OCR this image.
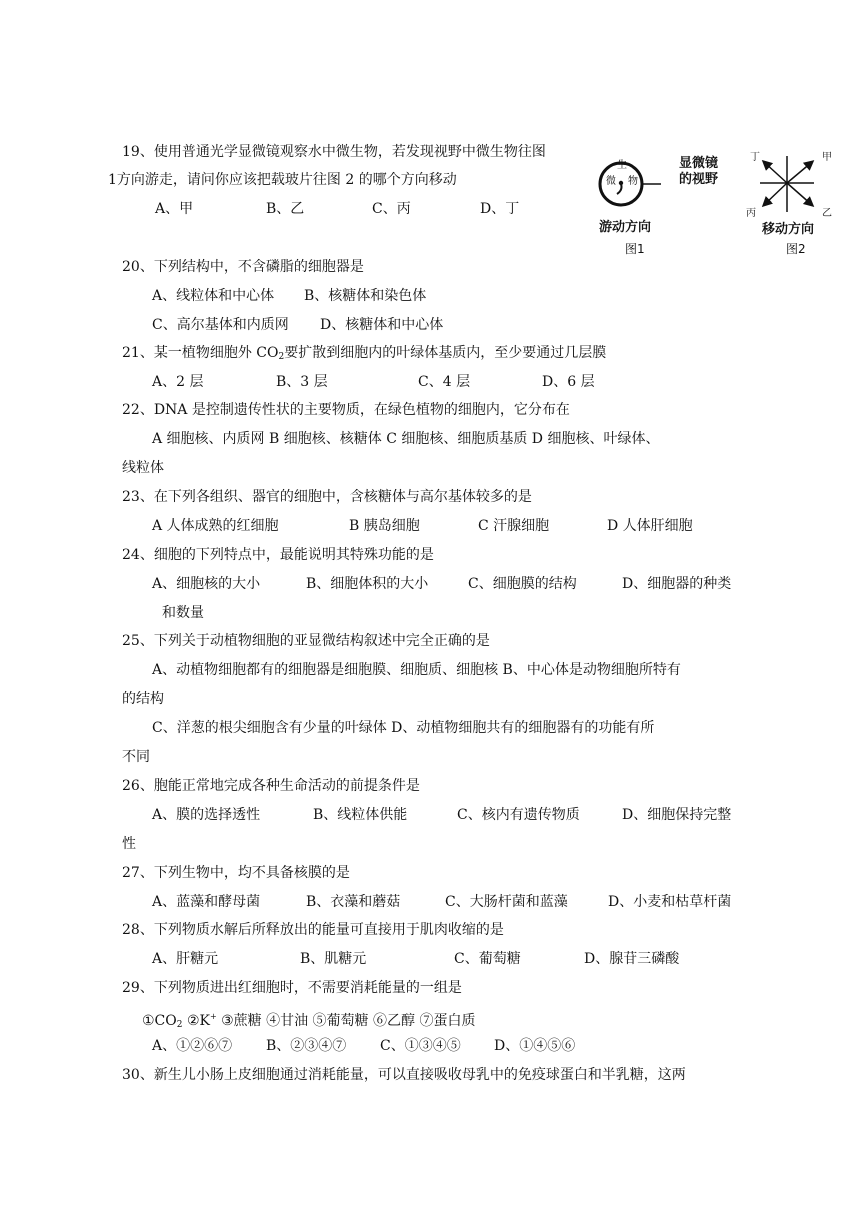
19、使用普通光学显微镜观察水中微生物，若发现视野中微生物往图
1方向游走，请问你应该把载玻片往图 2 的哪个方向移动
A、甲	B、乙	C、丙	D、丁
生
微 物
显微镜
的视野
游动方向
图1
丁	甲
丙	乙
移动方向
图2
20、下列结构中，不含磷脂的细胞器是
A、线粒体和中心体 B、核糖体和染色体
C、高尔基体和内质网 D、核糖体和中心体
21、某一植物细胞外 $CO_2$要扩散到细胞内的叶绿体基质内，至少要通过几层膜
A、2 层	B、3 层	C、4 层	D、6 层
22、DNA 是控制遗传性状的主要物质，在绿色植物的细胞内，它分布在
A 细胞核、内质网 B 细胞核、核糖体 C 细胞核、细胞质基质 D 细胞核、叶绿体、
线粒体
23、在下列各组织、器官的细胞中，含核糖体与高尔基体较多的是
A 人体成熟的红细胞	B 胰岛细胞	C 汗腺细胞	D 人体肝细胞
24、细胞的下列特点中，最能说明其特殊功能的是
A、细胞核的大小	B、细胞体积的大小	C、细胞膜的结构	D、细胞器的种类
和数量
25、下列关于动植物细胞的亚显微结构叙述中完全正确的是
A、动植物细胞都有的细胞器是细胞膜、细胞质、细胞核 B、中心体是动物细胞所特有
的结构
C、洋葱的根尖细胞含有少量的叶绿体 D、动植物细胞共有的细胞器有的功能有所
不同
26、胞能正常地完成各种生命活动的前提条件是
A、膜的选择透性	B、线粒体供能	C、核内有遗传物质	D、细胞保持完整
性
27、下列生物中，均不具备核膜的是
A、蓝藻和酵母菌	B、衣藻和蘑菇	C、大肠杆菌和蓝藻	D、小麦和枯草杆菌
28、下列物质水解后所释放出的能量可直接用于肌肉收缩的是
A、肝糖元	B、肌糖元	C、葡萄糖	D、腺苷三磷酸
29、下列物质进出红细胞时，不需要消耗能量的一组是
$①CO_2$ ②K+ ③蔗糖 ④甘油 ⑤葡萄糖 ⑥乙醇 ⑦蛋白质
A、①②⑥⑦ B、②③④⑦ C、①③④⑤ D、①④⑤⑥
30、新生儿小肠上皮细胞通过消耗能量，可以直接吸收母乳中的免疫球蛋白和半乳糖，这两
